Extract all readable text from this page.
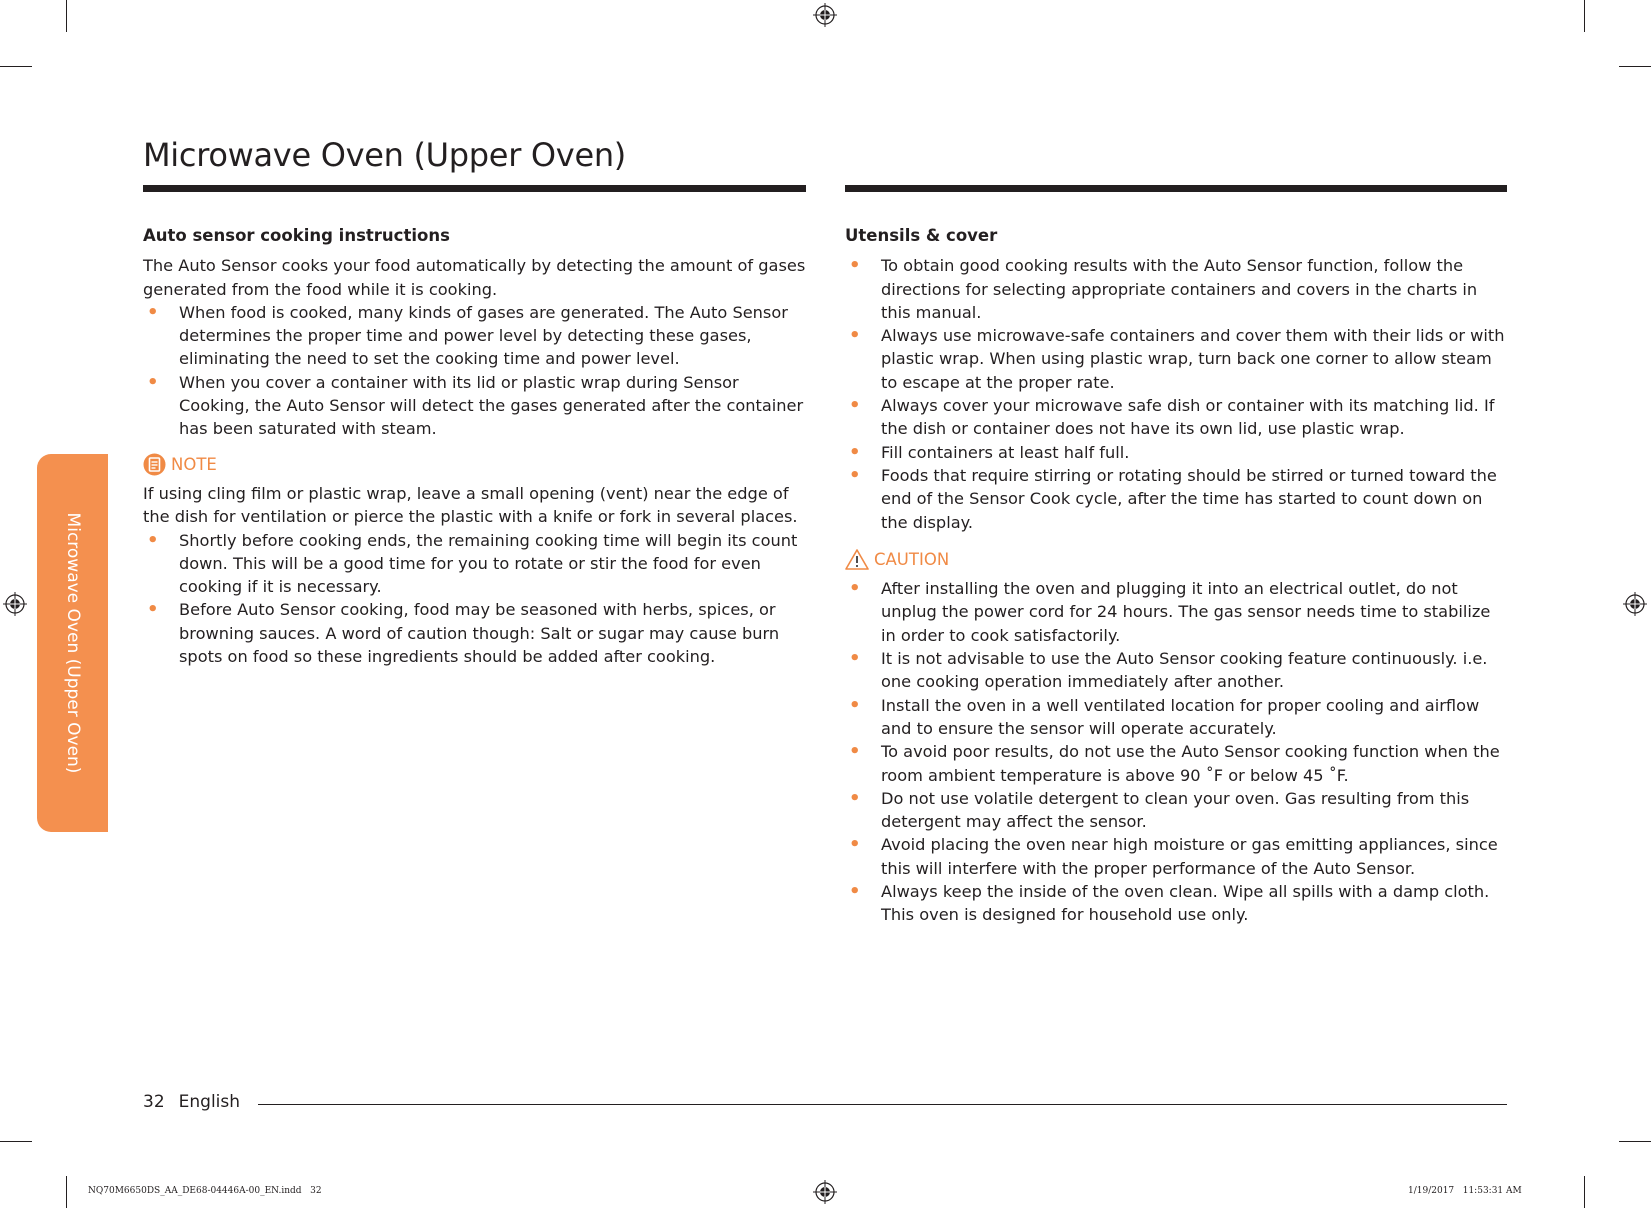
Microwave Oven (Upper Oven)
Microwave Oven (Upper Oven)
Auto sensor cooking instructions

The Auto Sensor cooks your food automatically by detecting the amount of gases generated from the food while it is cooking.

• When food is cooked, many kinds of gases are generated. The Auto Sensor determines the proper time and power level by detecting these gases, eliminating the need to set the cooking time and power level.
• When you cover a container with its lid or plastic wrap during Sensor Cooking, the Auto Sensor will detect the gases generated after the container has been saturated with steam.
NOTE

If using cling film or plastic wrap, leave a small opening (vent) near the edge of the dish for ventilation or pierce the plastic with a knife or fork in several places.

• Shortly before cooking ends, the remaining cooking time will begin its count down. This will be a good time for you to rotate or stir the food for even cooking if it is necessary.
• Before Auto Sensor cooking, food may be seasoned with herbs, spices, or browning sauces. A word of caution though: Salt or sugar may cause burn spots on food so these ingredients should be added after cooking.
Utensils & cover
• To obtain good cooking results with the Auto Sensor function, follow the directions for selecting appropriate containers and covers in the charts in this manual.
• Always use microwave-safe containers and cover them with their lids or with plastic wrap. When using plastic wrap, turn back one corner to allow steam to escape at the proper rate.
• Always cover your microwave safe dish or container with its matching lid. If the dish or container does not have its own lid, use plastic wrap.
• Fill containers at least half full.
• Foods that require stirring or rotating should be stirred or turned toward the end of the Sensor Cook cycle, after the time has started to count down on the display.
CAUTION
• After installing the oven and plugging it into an electrical outlet, do not unplug the power cord for 24 hours. The gas sensor needs time to stabilize in order to cook satisfactorily.
• It is not advisable to use the Auto Sensor cooking feature continuously. i.e. one cooking operation immediately after another.
• Install the oven in a well ventilated location for proper cooling and airflow and to ensure the sensor will operate accurately.
• To avoid poor results, do not use the Auto Sensor cooking function when the room ambient temperature is above 90 ˚F or below 45 ˚F.
• Do not use volatile detergent to clean your oven. Gas resulting from this detergent may affect the sensor.
• Avoid placing the oven near high moisture or gas emitting appliances, since this will interfere with the proper performance of the Auto Sensor.
• Always keep the inside of the oven clean. Wipe all spills with a damp cloth. This oven is designed for household use only.
32 English
NQ70M6650DS_AA_DE68-04446A-00_EN.indd   32	1/19/2017   11:53:31 AM
